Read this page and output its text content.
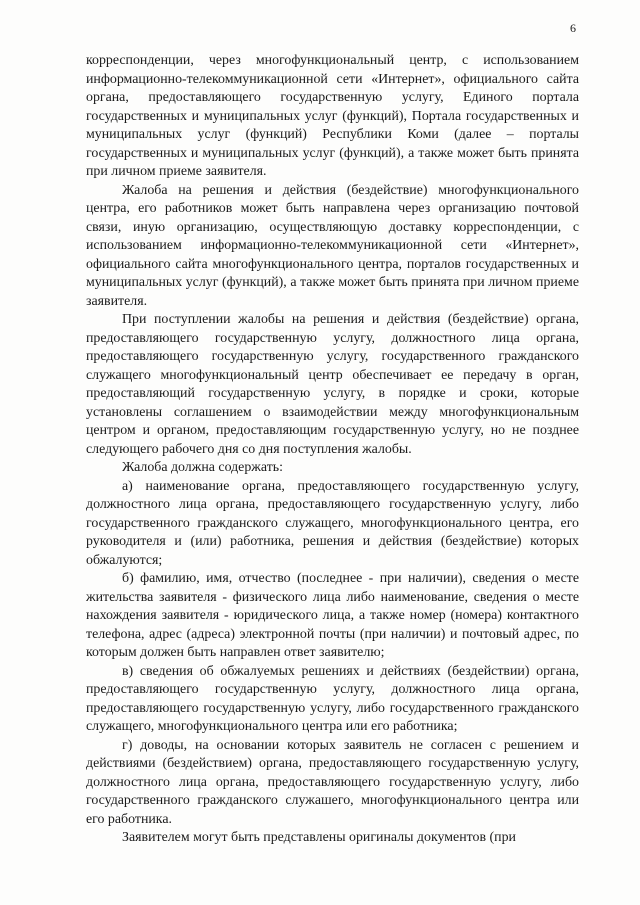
6

корреспонденции, через многофункциональный центр, с использованием информационно-телекоммуникационной сети «Интернет», официального сайта органа, предоставляющего государственную услугу, Единого портала государственных и муниципальных услуг (функций), Портала государственных и муниципальных услуг (функций) Республики Коми (далее – порталы государственных и муниципальных услуг (функций), а также может быть принята при личном приеме заявителя.

Жалоба на решения и действия (бездействие) многофункционального центра, его работников может быть направлена через организацию почтовой связи, иную организацию, осуществляющую доставку корреспонденции, с использованием информационно-телекоммуникационной сети «Интернет», официального сайта многофункционального центра, порталов государственных и муниципальных услуг (функций), а также может быть принята при личном приеме заявителя.

При поступлении жалобы на решения и действия (бездействие) органа, предоставляющего государственную услугу, должностного лица органа, предоставляющего государственную услугу, государственного гражданского служащего многофункциональный центр обеспечивает ее передачу в орган, предоставляющий государственную услугу, в порядке и сроки, которые установлены соглашением о взаимодействии между многофункциональным центром и органом, предоставляющим государственную услугу, но не позднее следующего рабочего дня со дня поступления жалобы.

Жалоба должна содержать:

а) наименование органа, предоставляющего государственную услугу, должностного лица органа, предоставляющего государственную услугу, либо государственного гражданского служащего, многофункционального центра, его руководителя и (или) работника, решения и действия (бездействие) которых обжалуются;

б) фамилию, имя, отчество (последнее - при наличии), сведения о месте жительства заявителя - физического лица либо наименование, сведения о месте нахождения заявителя - юридического лица, а также номер (номера) контактного телефона, адрес (адреса) электронной почты (при наличии) и почтовый адрес, по которым должен быть направлен ответ заявителю;

в) сведения об обжалуемых решениях и действиях (бездействии) органа, предоставляющего государственную услугу, должностного лица органа, предоставляющего государственную услугу, либо государственного гражданского служащего, многофункционального центра или его работника;

г) доводы, на основании которых заявитель не согласен с решением и действиями (бездействием) органа, предоставляющего государственную услугу, должностного лица органа, предоставляющего государственную услугу, либо государственного гражданского служашего, многофункционального центра или его работника.

Заявителем могут быть представлены оригиналы документов (при
